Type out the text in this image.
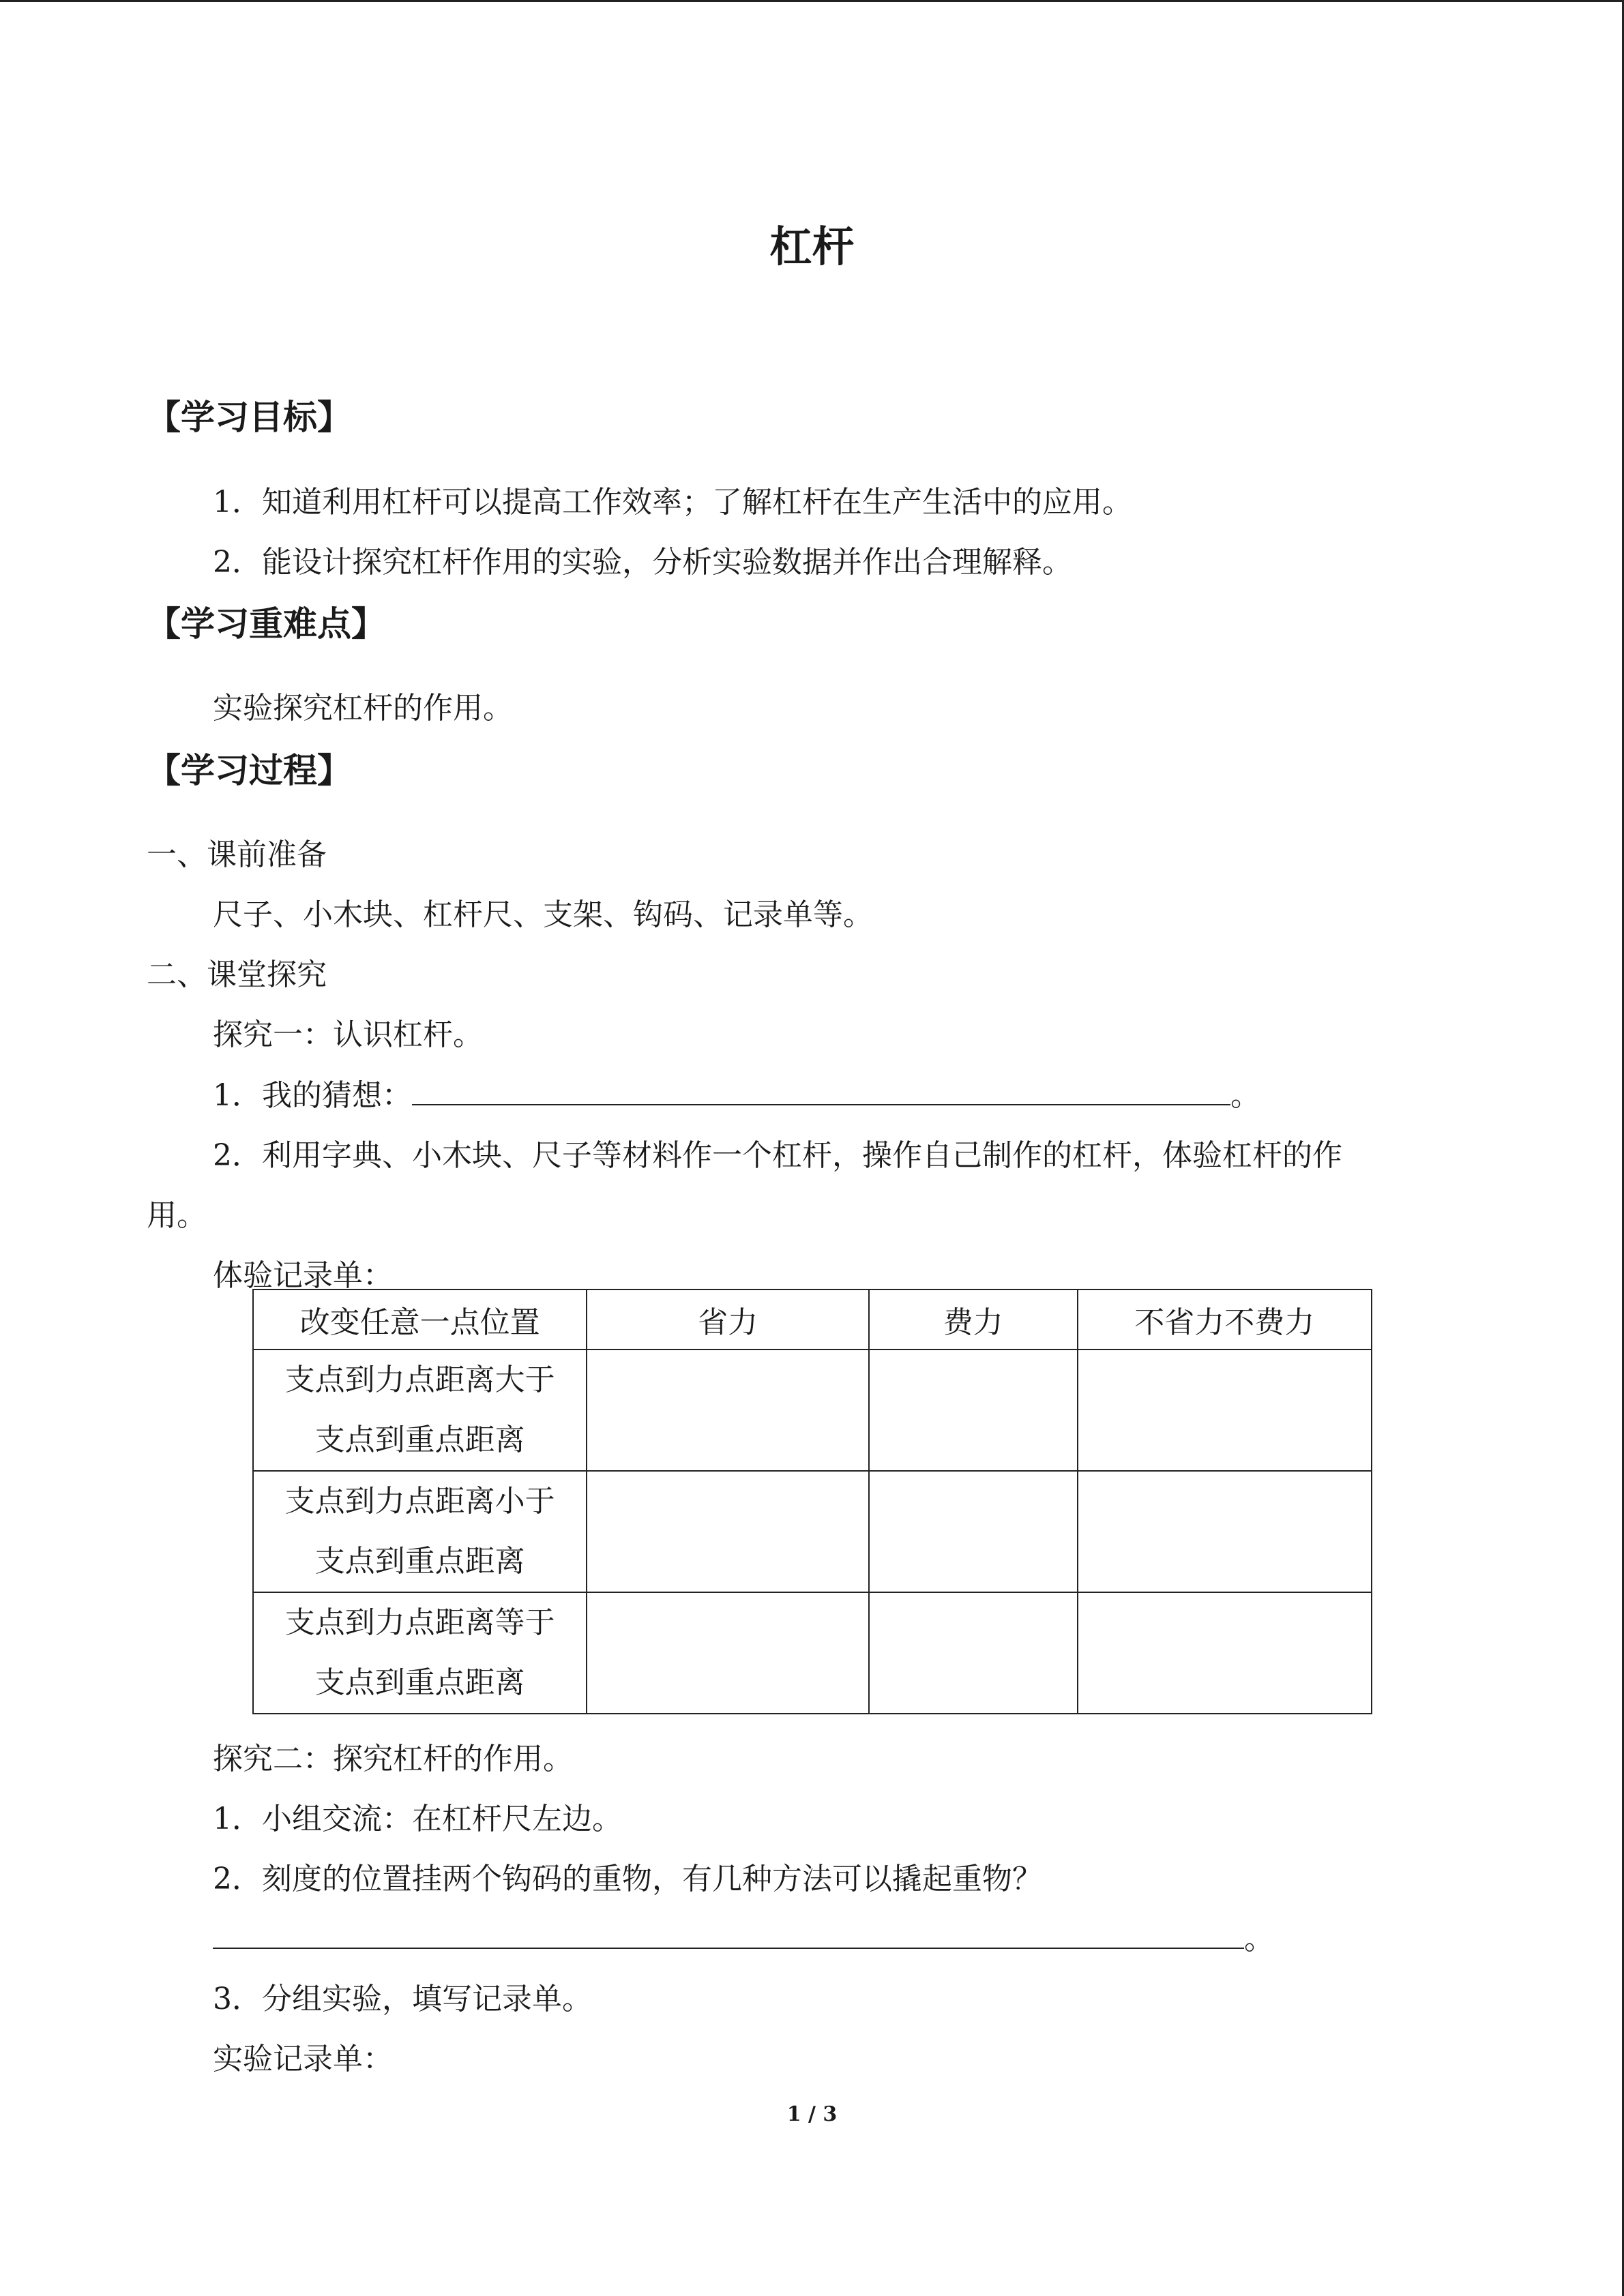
杠杆
【学习目标】
1．知道利用杠杆可以提高工作效率；了解杠杆在生产生活中的应用。
2．能设计探究杠杆作用的实验，分析实验数据并作出合理解释。
【学习重难点】
实验探究杠杆的作用。
【学习过程】
一、课前准备
尺子、小木块、杠杆尺、支架、钩码、记录单等。
二、课堂探究
探究一：认识杠杆。
1．我的猜想：	。
2．利用字典、小木块、尺子等材料作一个杠杆，操作自己制作的杠杆，体验杠杆的作
用。
体验记录单：
改变任意一点位置	省力	费力	不省力不费力

支点到力点距离大于
支点到重点距离			

支点到力点距离小于
支点到重点距离			

支点到力点距离等于
支点到重点距离			

探究二：探究杠杆的作用。
1．小组交流：在杠杆尺左边。
2．刻度的位置挂两个钩码的重物，有几种方法可以撬起重物？
。
3．分组实验，填写记录单。
实验记录单：
1 / 3
